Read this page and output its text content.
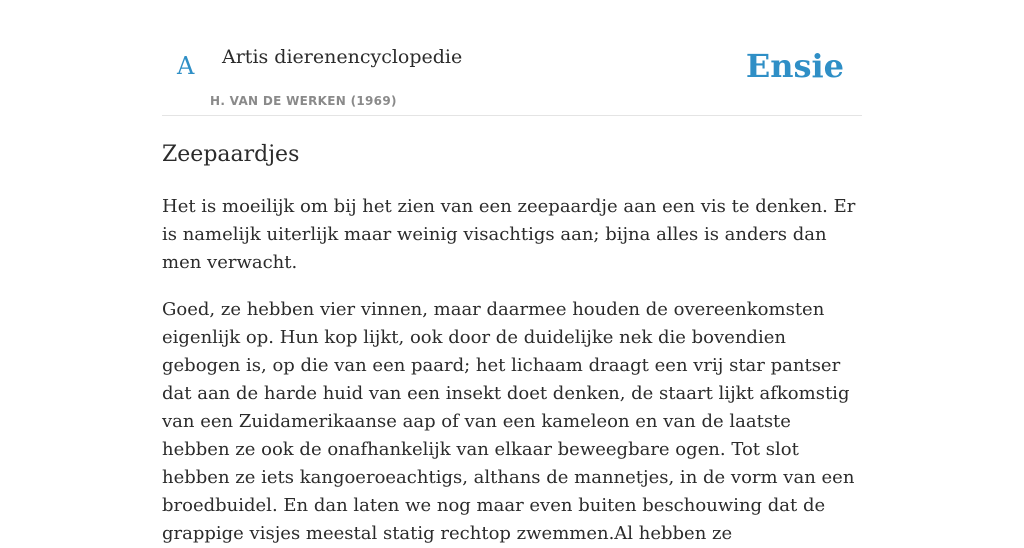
A Artis dierenencyclopedie
H. VAN DE WERKEN (1969)
Ensie
Zeepaardjes

Het is moeilijk om bij het zien van een zeepaardje aan een vis te denken. Er is namelijk uiterlijk maar weinig visachtigs aan; bijna alles is anders dan men verwacht.

Goed, ze hebben vier vinnen, maar daarmee houden de overeenkomsten eigenlijk op. Hun kop lijkt, ook door de duidelijke nek die bovendien gebogen is, op die van een paard; het lichaam draagt een vrij star pantser dat aan de harde huid van een insekt doet denken, de staart lijkt afkomstig van een Zuidamerikaanse aap of van een kameleon en van de laatste hebben ze ook de onafhankelijk van elkaar beweegbare ogen. Tot slot hebben ze iets kangoeroeachtigs, althans de mannetjes, in de vorm van een broedbuidel. En dan laten we nog maar even buiten beschouwing dat de grappige visjes meestal statig rechtop zwemmen.Al hebben ze
